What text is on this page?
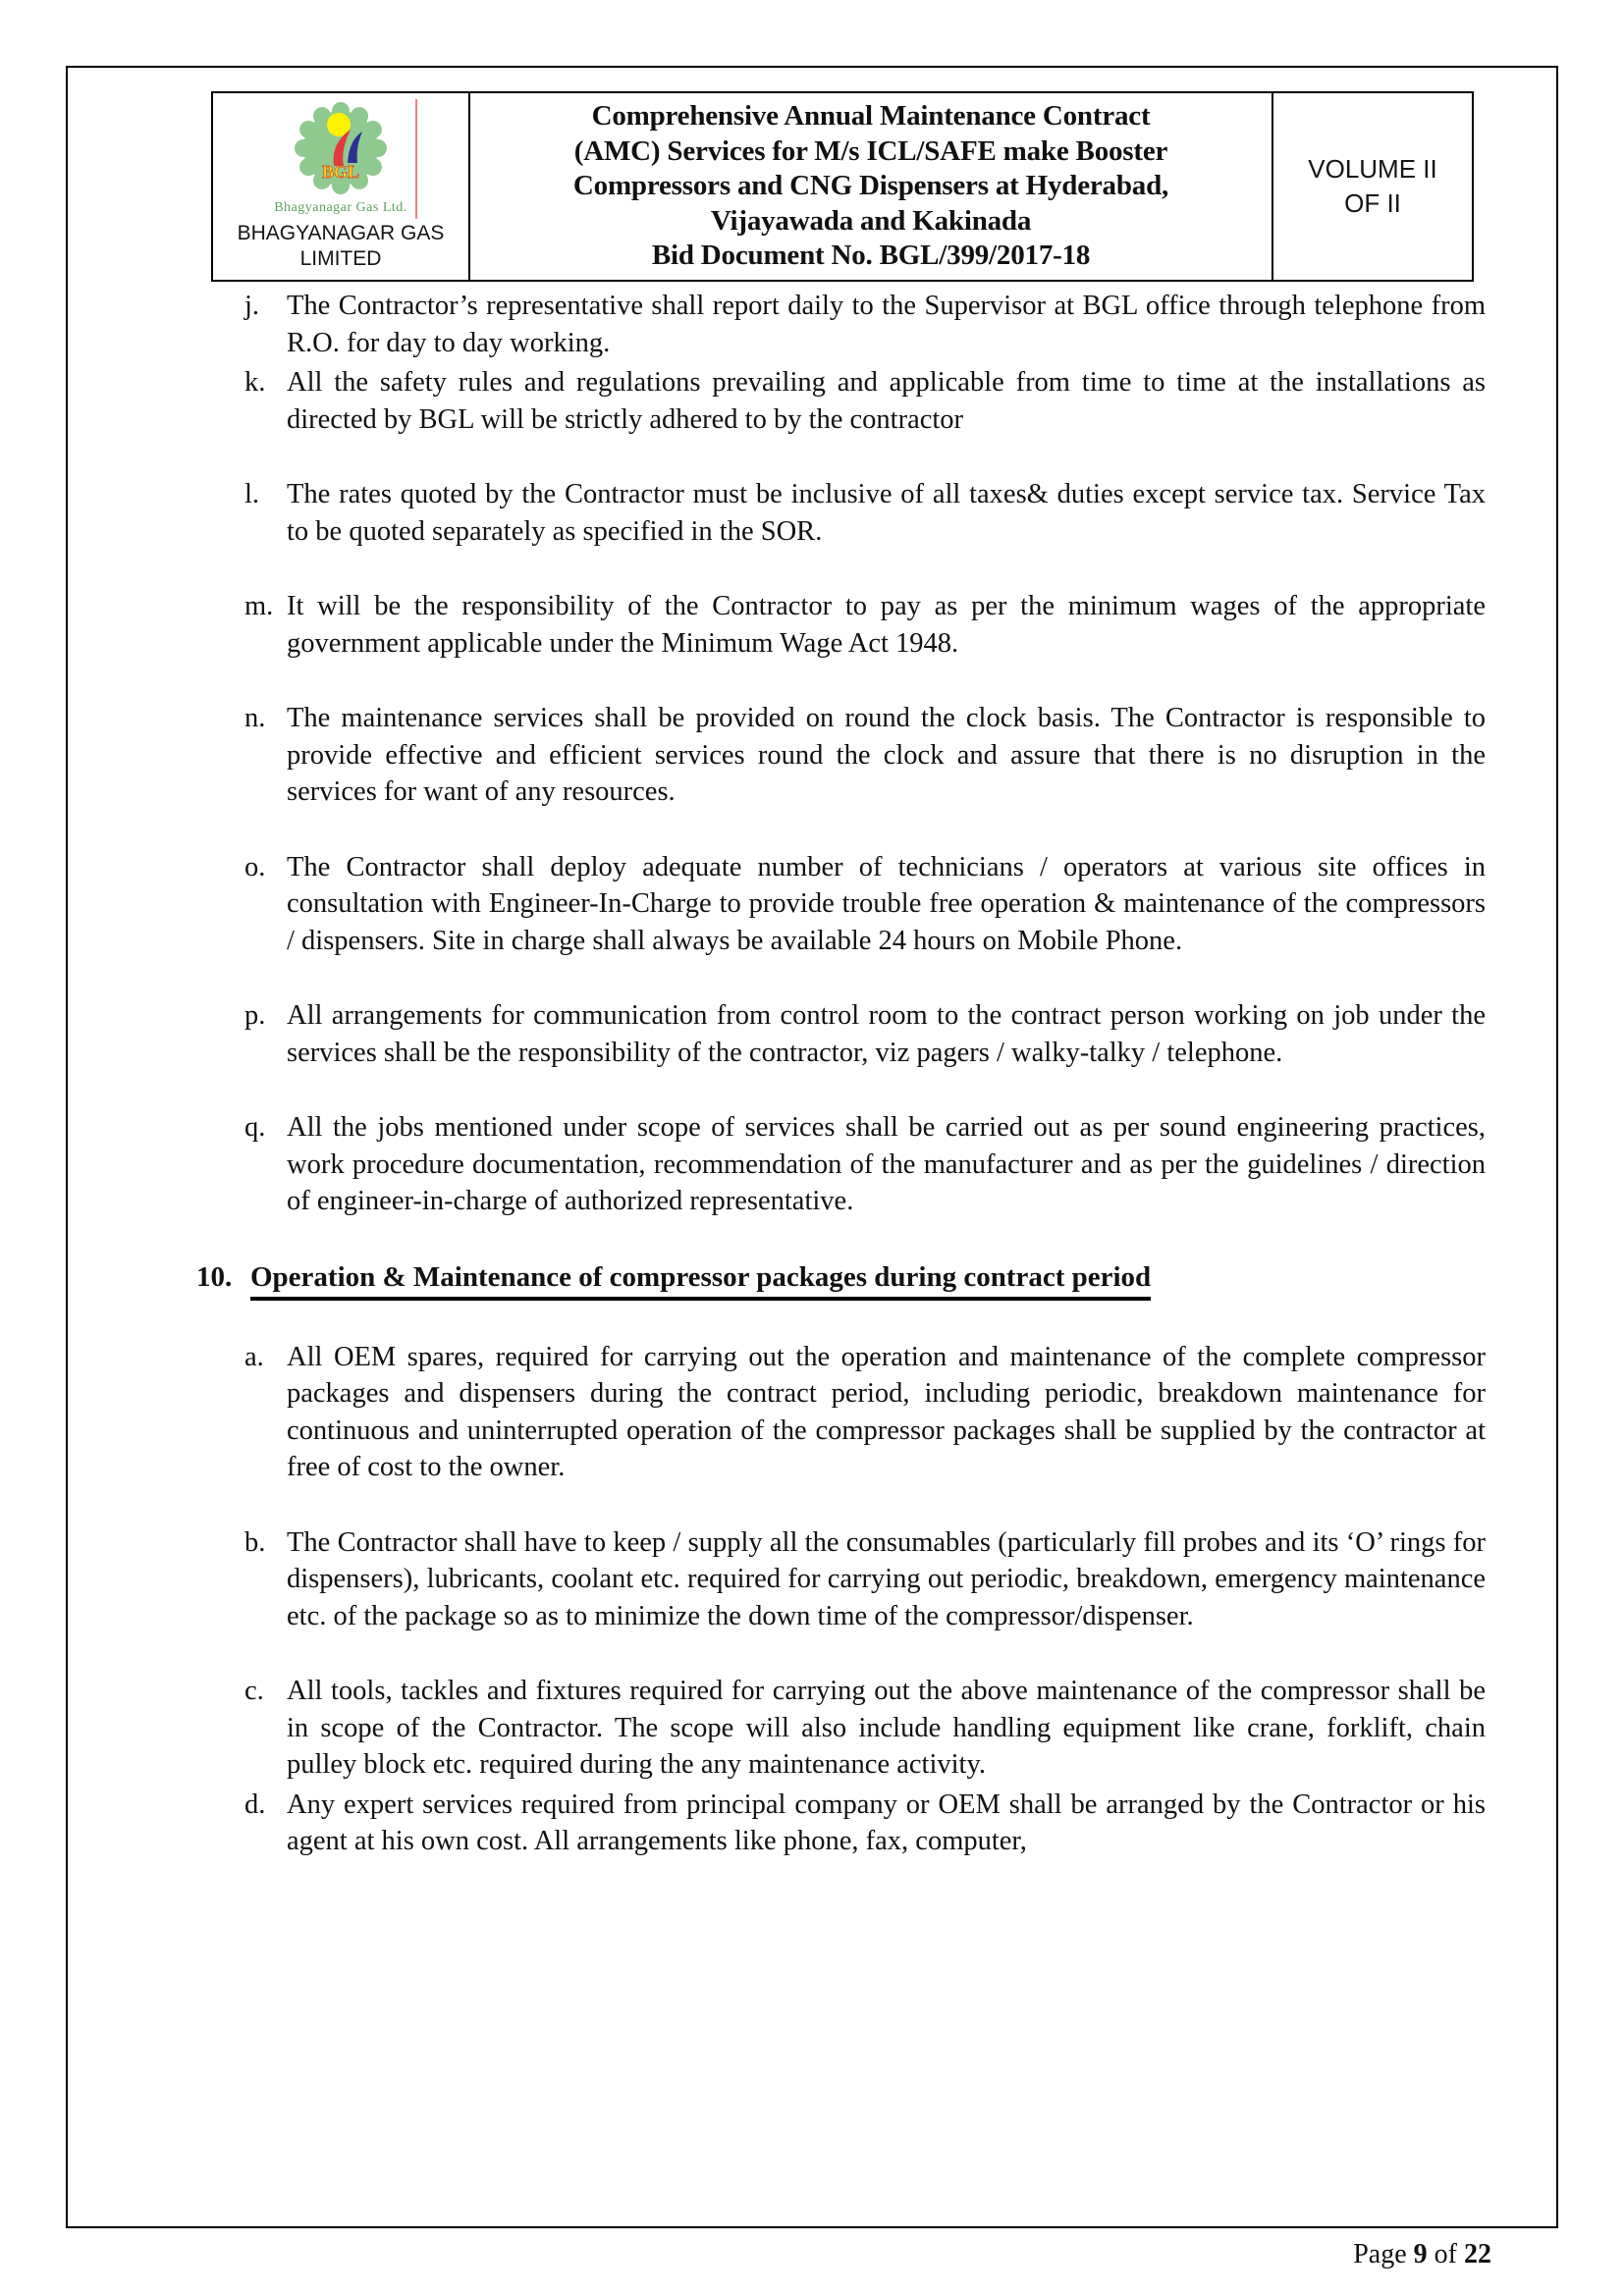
BGL
Bhagyanagar Gas Ltd.
BHAGYANAGAR GAS LIMITED
Comprehensive Annual Maintenance Contract
(AMC) Services for M/s ICL/SAFE make Booster
Compressors and CNG Dispensers at Hyderabad,
Vijayawada and Kakinada
Bid Document No. BGL/399/2017-18
VOLUME II
OF II
j. The Contractor’s representative shall report daily to the Supervisor at BGL office through telephone from R.O. for day to day working.
k. All the safety rules and regulations prevailing and applicable from time to time at the installations as directed by BGL will be strictly adhered to by the contractor
l. The rates quoted by the Contractor must be inclusive of all taxes& duties except service tax. Service Tax to be quoted separately as specified in the SOR.
m. It will be the responsibility of the Contractor to pay as per the minimum wages of the appropriate government applicable under the Minimum Wage Act 1948.
n. The maintenance services shall be provided on round the clock basis. The Contractor is responsible to provide effective and efficient services round the clock and assure that there is no disruption in the services for want of any resources.
o. The Contractor shall deploy adequate number of technicians / operators at various site offices in consultation with Engineer-In-Charge to provide trouble free operation & maintenance of the compressors / dispensers. Site in charge shall always be available 24 hours on Mobile Phone.
p. All arrangements for communication from control room to the contract person working on job under the services shall be the responsibility of the contractor, viz pagers / walky-talky / telephone.
q. All the jobs mentioned under scope of services shall be carried out as per sound engineering practices, work procedure documentation, recommendation of the manufacturer and as per the guidelines / direction of engineer-in-charge of authorized representative.
10. Operation & Maintenance of compressor packages during contract period
a. All OEM spares, required for carrying out the operation and maintenance of the complete compressor packages and dispensers during the contract period, including periodic, breakdown maintenance for continuous and uninterrupted operation of the compressor packages shall be supplied by the contractor at free of cost to the owner.
b. The Contractor shall have to keep / supply all the consumables (particularly fill probes and its ‘O’ rings for dispensers), lubricants, coolant etc. required for carrying out periodic, breakdown, emergency maintenance etc. of the package so as to minimize the down time of the compressor/dispenser.
c. All tools, tackles and fixtures required for carrying out the above maintenance of the compressor shall be in scope of the Contractor. The scope will also include handling equipment like crane, forklift, chain pulley block etc. required during the any maintenance activity.
d. Any expert services required from principal company or OEM shall be arranged by the Contractor or his agent at his own cost. All arrangements like phone, fax, computer,
Page 9 of 22
